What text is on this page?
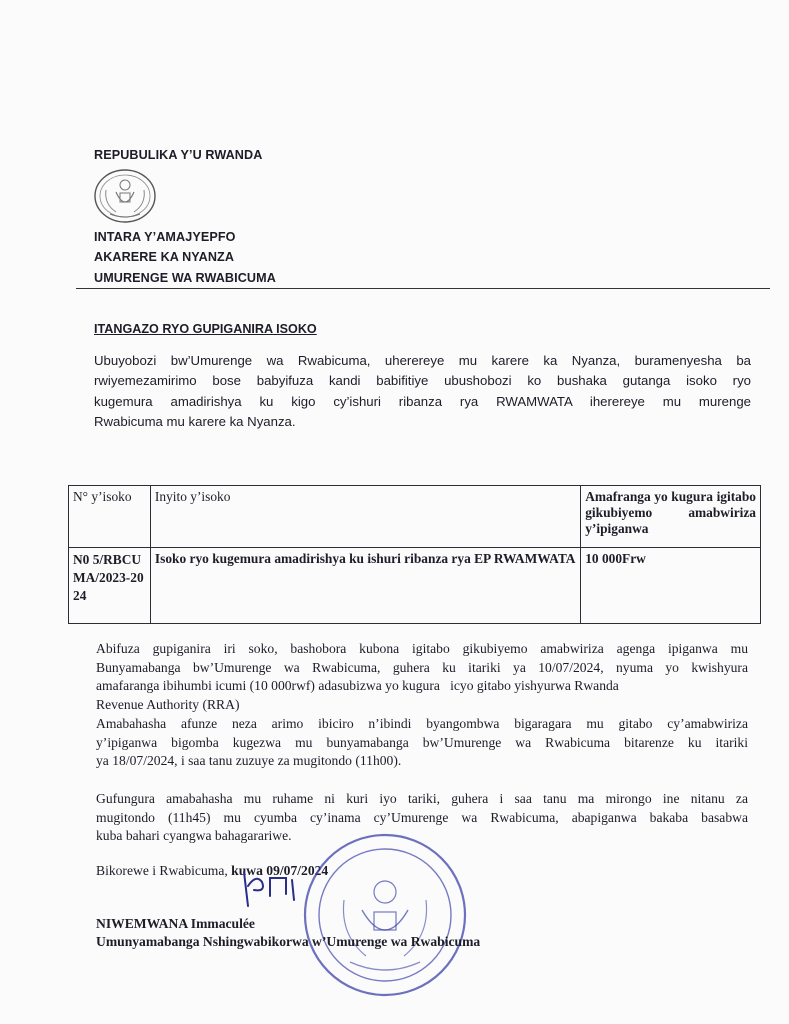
REPUBULIKA Y’U RWANDA
INTARA Y’AMAJYEPFO
AKARERE KA NYANZA
UMURENGE WA RWABICUMA
ITANGAZO RYO GUPIGANIRA ISOKO
Ubuyobozi bw’Umurenge wa Rwabicuma, uherereye mu karere ka Nyanza, buramenyesha ba
rwiyemezamirimo bose babyifuza kandi babifitiye ubushobozi ko bushaka gutanga isoko ryo
kugemura amadirishya ku kigo cy’ishuri ribanza rya RWAMWATA iherereye mu murenge
Rwabicuma mu karere ka Nyanza.
N° y’isoko	Inyito y’isoko	Amafranga yo kugura igitabo gikubiyemo amabwiriza y’ipiganwa
N0 5/RBCUMA/2023-2024	Isoko ryo kugemura amadirishya ku ishuri ribanza rya EP RWAMWATA	10 000Frw
Abifuza gupiganira iri soko, bashobora kubona igitabo gikubiyemo amabwiriza agenga ipiganwa mu
Bunyamabanga bw’Umurenge wa Rwabicuma, guhera ku itariki ya 10/07/2024, nyuma yo kwishyura
amafaranga ibihumbi icumi (10 000rwf) adasubizwa yo kugura   icyo gitabo yishyurwa Rwanda
Revenue Authority (RRA)
Amabahasha afunze neza arimo ibiciro n’ibindi byangombwa bigaragara mu gitabo cy’amabwiriza
y’ipiganwa bigomba kugezwa mu bunyamabanga bw’Umurenge wa Rwabicuma bitarenze ku itariki
ya 18/07/2024, i saa tanu zuzuye za mugitondo (11h00).
Gufungura amabahasha mu ruhame ni kuri iyo tariki, guhera i saa tanu ma mirongo ine nitanu za
mugitondo (11h45) mu cyumba cy’inama cy’Umurenge wa Rwabicuma, abapiganwa bakaba basabwa
kuba bahari cyangwa bahagarariwe.
Bikorewe i Rwabicuma, kuwa 09/07/2024
NIWEMWANA Immaculée
Umunyamabanga Nshingwabikorwa w’Umurenge wa Rwabicuma
